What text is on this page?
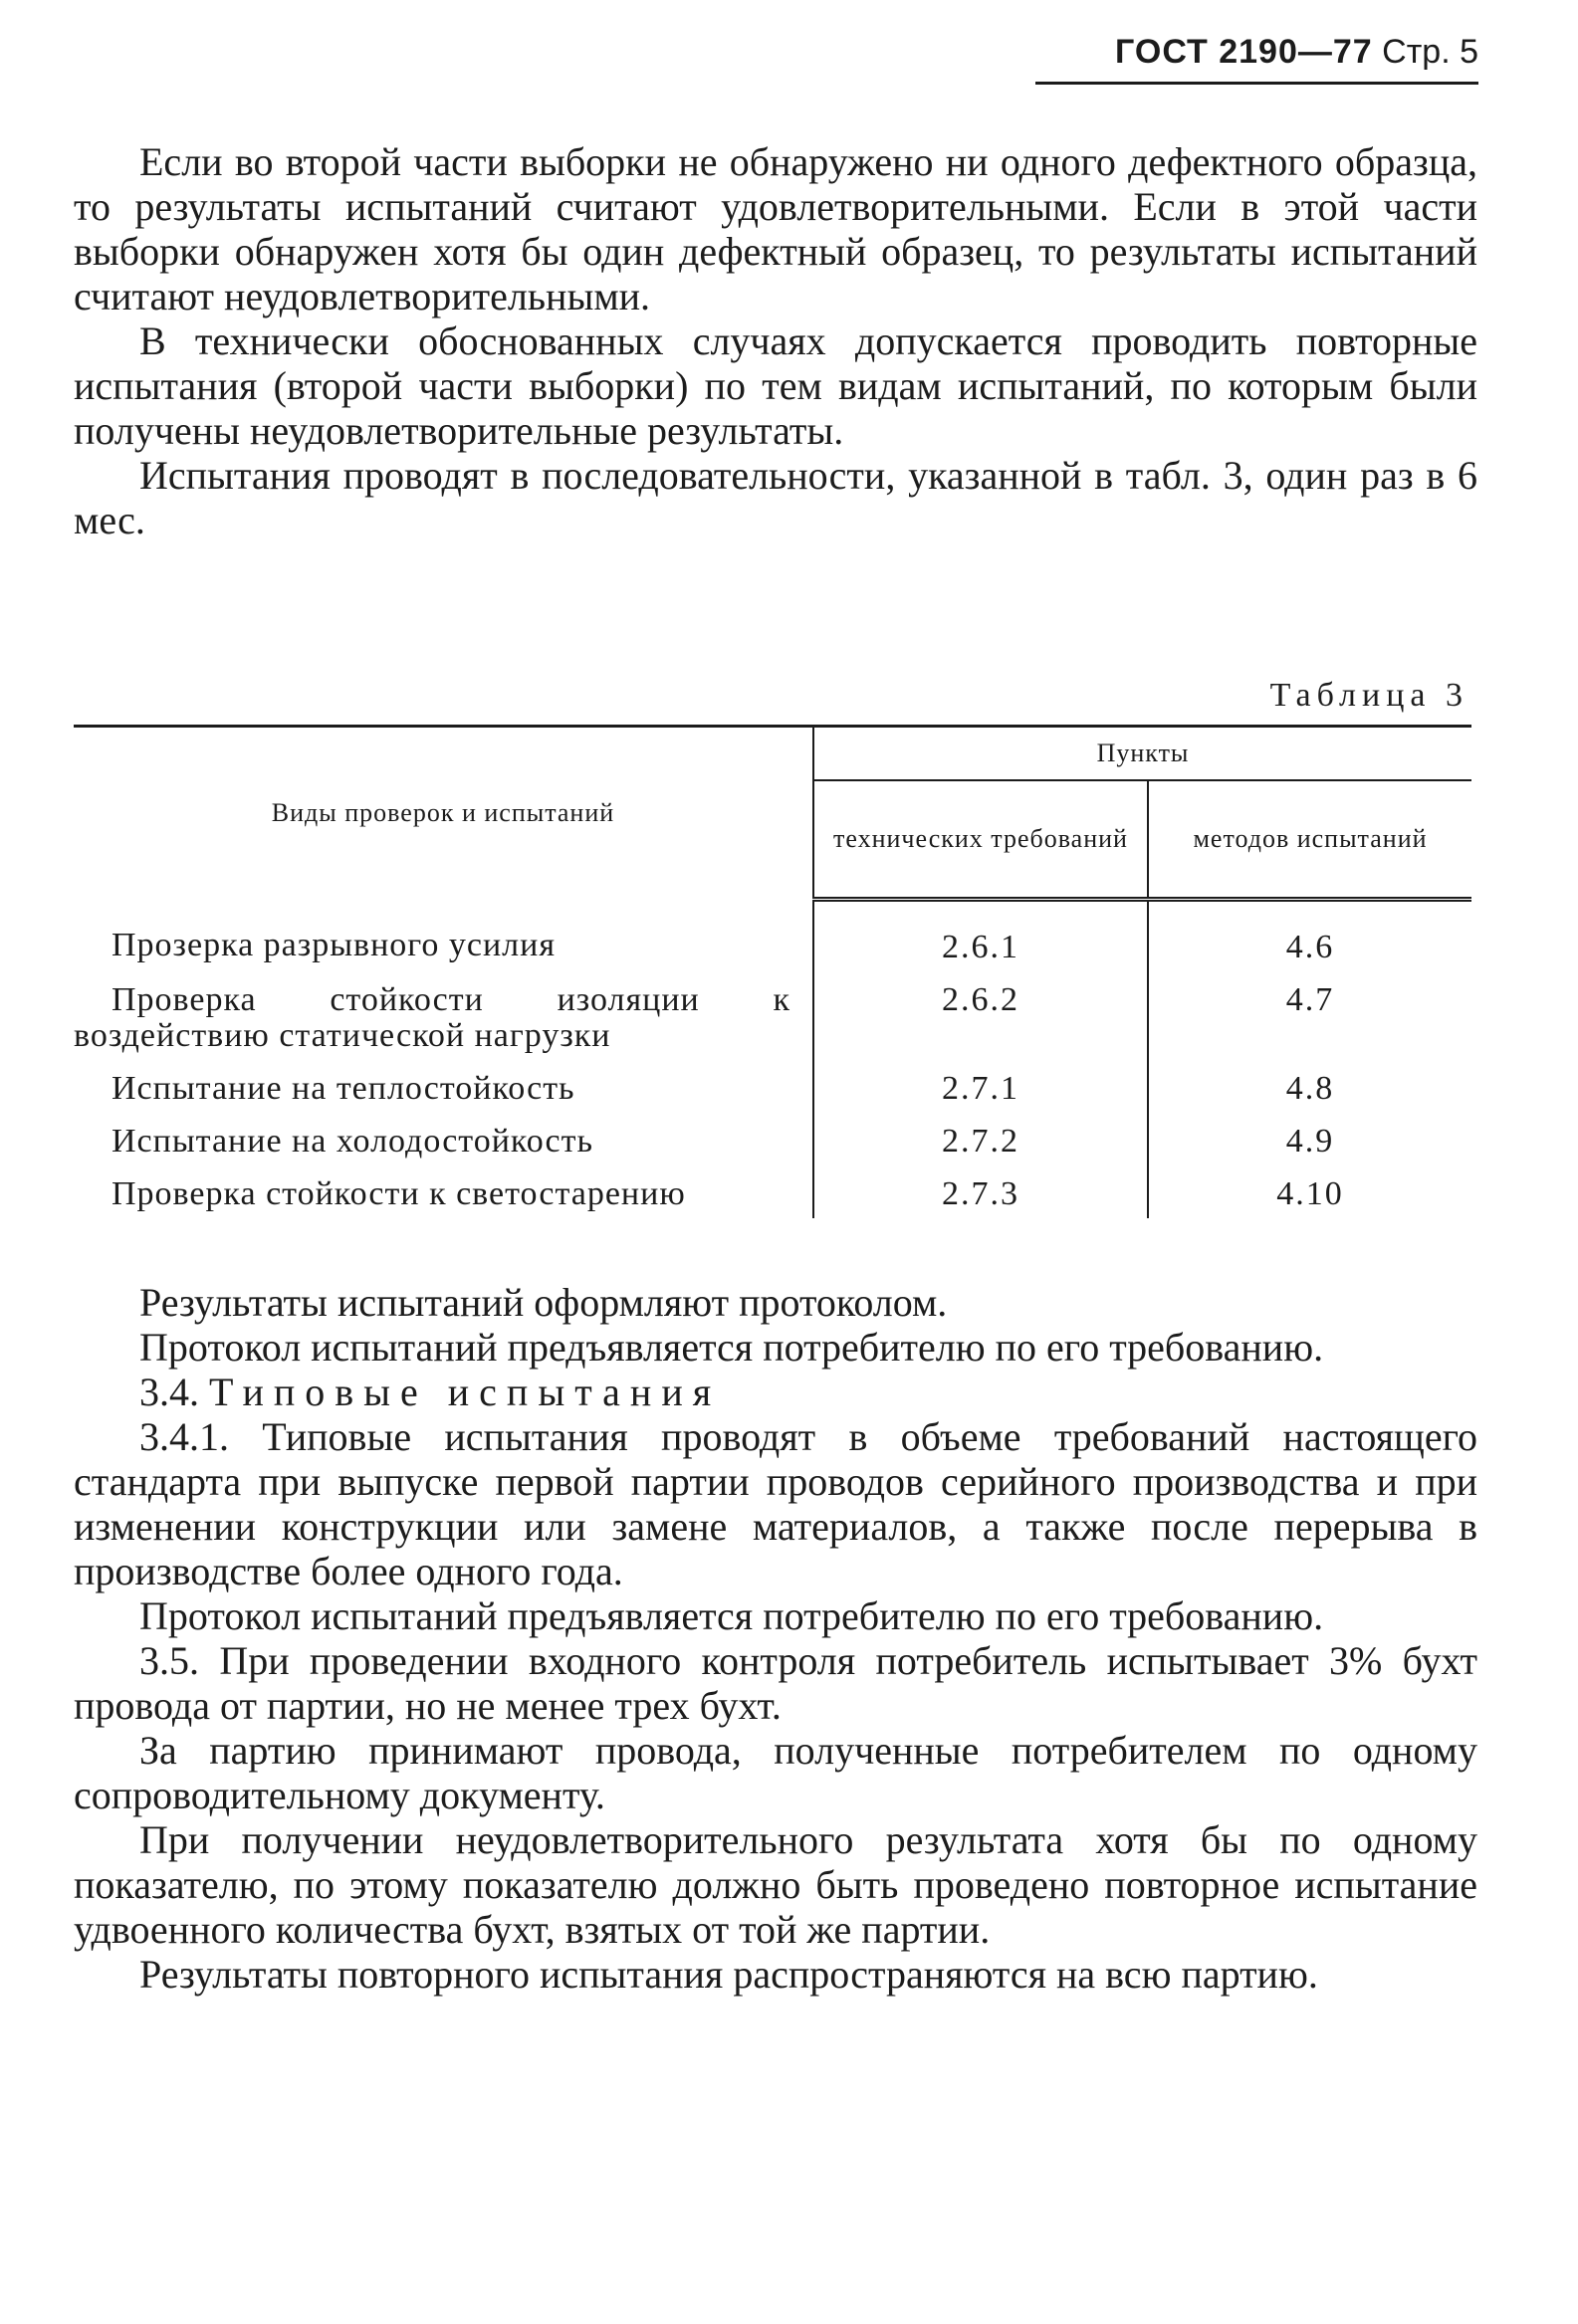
ГОСТ 2190—77 Стр. 5

Если во второй части выборки не обнаружено ни одного дефектного образца, то результаты испытаний считают удовлетворительными. Если в этой части выборки обнаружен хотя бы один дефектный образец, то результаты испытаний считают неудовлетворительными.

В технически обоснованных случаях допускается проводить повторные испытания (второй части выборки) по тем видам испытаний, по которым были получены неудовлетворительные результаты.

Испытания проводят в последовательности, указанной в табл. 3, один раз в 6 мес.

Таблица 3
Виды проверок и испытаний	Пункты	
	технических требований	методов испытаний
Прозерка разрывного усилия	2.6.1	4.6
Проверка стойкости изоляции к воздействию статической нагрузки	2.6.2	4.7
Испытание на теплостойкость	2.7.1	4.8
Испытание на холодостойкость	2.7.2	4.9
Проверка стойкости к светостарению	2.7.3	4.10

Результаты испытаний оформляют протоколом.

Протокол испытаний предъявляется потребителю по его требованию.

3.4. Типовые испытания

3.4.1. Типовые испытания проводят в объеме требований настоящего стандарта при выпуске первой партии проводов серийного производства и при изменении конструкции или замене материалов, а также после перерыва в производстве более одного года.

Протокол испытаний предъявляется потребителю по его требованию.

3.5. При проведении входного контроля потребитель испытывает 3% бухт провода от партии, но не менее трех бухт.

За партию принимают провода, полученные потребителем по одному сопроводительному документу.

При получении неудовлетворительного результата хотя бы по одному показателю, по этому показателю должно быть проведено повторное испытание удвоенного количества бухт, взятых от той же партии.

Результаты повторного испытания распространяются на всю партию.
